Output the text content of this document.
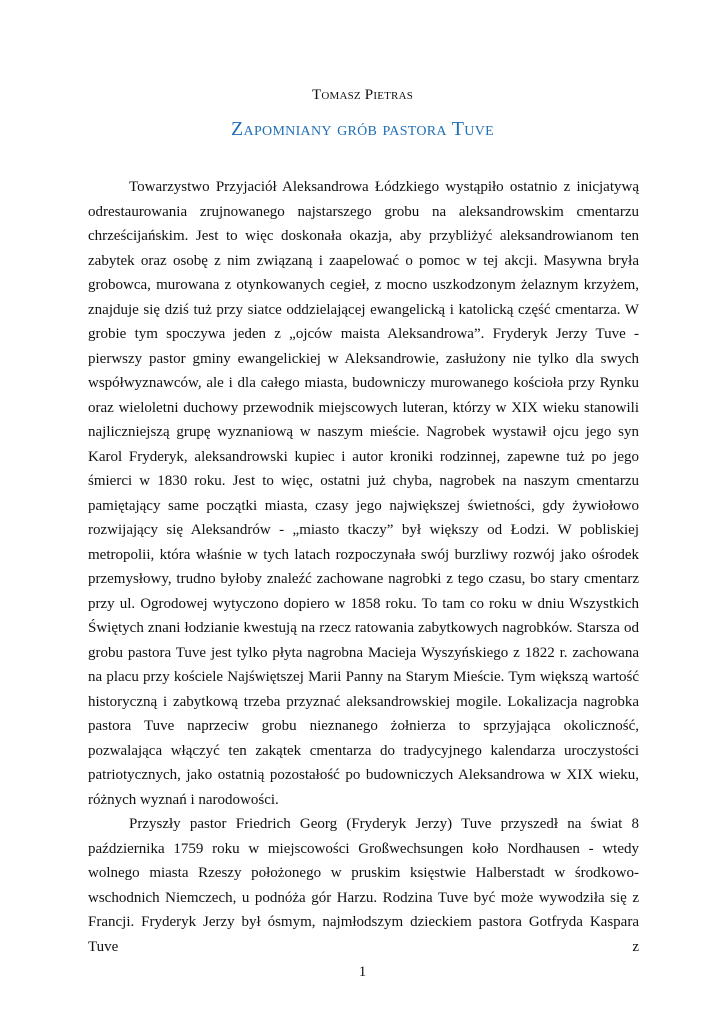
Tomasz Pietras
Zapomniany grób pastora Tuve

Towarzystwo Przyjaciół Aleksandrowa Łódzkiego wystąpiło ostatnio z inicjatywą odrestaurowania zrujnowanego najstarszego grobu na aleksandrowskim cmentarzu chrześcijańskim. Jest to więc doskonała okazja, aby przybliżyć aleksandrowianom ten zabytek oraz osobę z nim związaną i zaapelować o pomoc w tej akcji. Masywna bryła grobowca, murowana z otynkowanych cegieł, z mocno uszkodzonym żelaznym krzyżem, znajduje się dziś tuż przy siatce oddzielającej ewangelicką i katolicką część cmentarza. W grobie tym spoczywa jeden z „ojców maista Aleksandrowa”. Fryderyk Jerzy Tuve - pierwszy pastor gminy ewangelickiej w Aleksandrowie, zasłużony nie tylko dla swych współwyznawców, ale i dla całego miasta, budowniczy murowanego kościoła przy Rynku oraz wieloletni duchowy przewodnik miejscowych luteran, którzy w XIX wieku stanowili najliczniejszą grupę wyznaniową w naszym mieście. Nagrobek wystawił ojcu jego syn Karol Fryderyk, aleksandrowski kupiec i autor kroniki rodzinnej, zapewne tuż po jego śmierci w 1830 roku. Jest to więc, ostatni już chyba, nagrobek na naszym cmentarzu pamiętający same początki miasta, czasy jego największej świetności, gdy żywiołowo rozwijający się Aleksandrów - „miasto tkaczy” był większy od Łodzi. W pobliskiej metropolii, która właśnie w tych latach rozpoczynała swój burzliwy rozwój jako ośrodek przemysłowy, trudno byłoby znaleźć zachowane nagrobki z tego czasu, bo stary cmentarz przy ul. Ogrodowej wytyczono dopiero w 1858 roku. To tam co roku w dniu Wszystkich Świętych znani łodzianie kwestują na rzecz ratowania zabytkowych nagrobków. Starsza od grobu pastora Tuve jest tylko płyta nagrobna Macieja Wyszyńskiego z 1822 r. zachowana na placu przy kościele Najświętszej Marii Panny na Starym Mieście. Tym większą wartość historyczną i zabytkową trzeba przyznać aleksandrowskiej mogile. Lokalizacja nagrobka pastora Tuve naprzeciw grobu nieznanego żołnierza to sprzyjająca okoliczność, pozwalająca włączyć ten zakątek cmentarza do tradycyjnego kalendarza uroczystości patriotycznych, jako ostatnią pozostałość po budowniczych Aleksandrowa w XIX wieku, różnych wyznań i narodowości.

Przyszły pastor Friedrich Georg (Fryderyk Jerzy) Tuve przyszedł na świat 8 października 1759 roku w miejscowości Großwechsungen koło Nordhausen - wtedy wolnego miasta Rzeszy położonego w pruskim księstwie Halberstadt w środkowo-wschodnich Niemczech, u podnóża gór Harzu. Rodzina Tuve być może wywodziła się z Francji. Fryderyk Jerzy był ósmym, najmłodszym dzieckiem pastora Gotfryda Kaspara Tuve z

1
